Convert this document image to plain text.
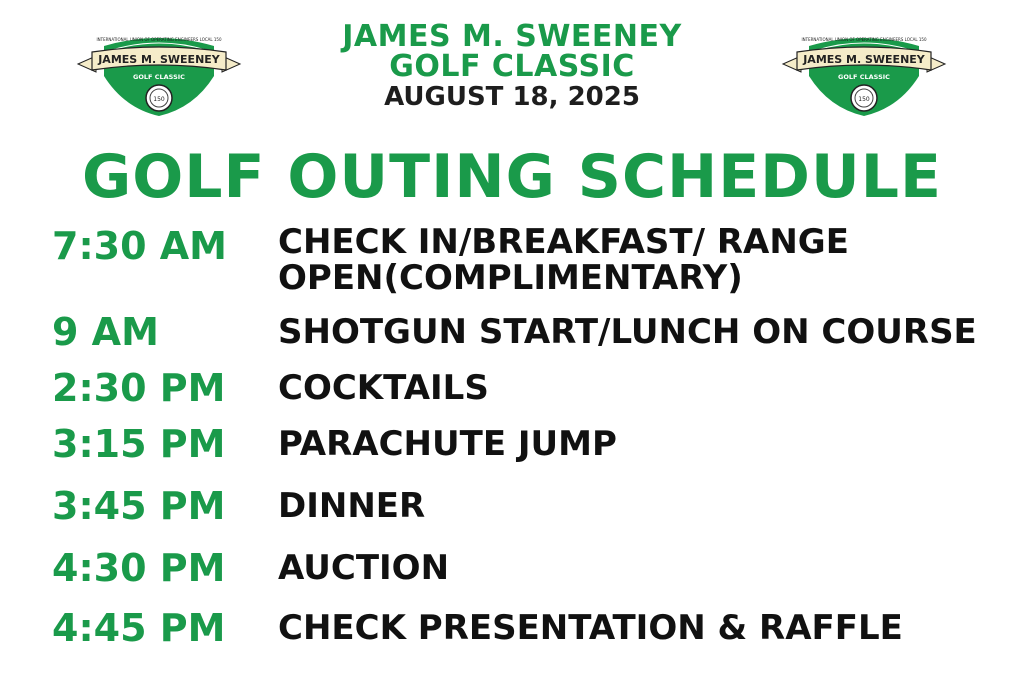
INTERNATIONAL UNION OF OPERATING ENGINEERS LOCAL 150
JAMES M. SWEENEY
GOLF CLASSIC
150
INTERNATIONAL UNION OF OPERATING ENGINEERS LOCAL 150
JAMES M. SWEENEY
GOLF CLASSIC
150
JAMES M. SWEENEY
GOLF CLASSIC
AUGUST 18, 2025
GOLF OUTING SCHEDULE
7:30 AM CHECK IN/BREAKFAST/ RANGE OPEN(COMPLIMENTARY)
9 AM	SHOTGUN START/LUNCH ON COURSE
2:30 PM COCKTAILS
3:15 PM PARACHUTE JUMP
3:45 PM DINNER
4:30 PM AUCTION
4:45 PM CHECK PRESENTATION & RAFFLE
